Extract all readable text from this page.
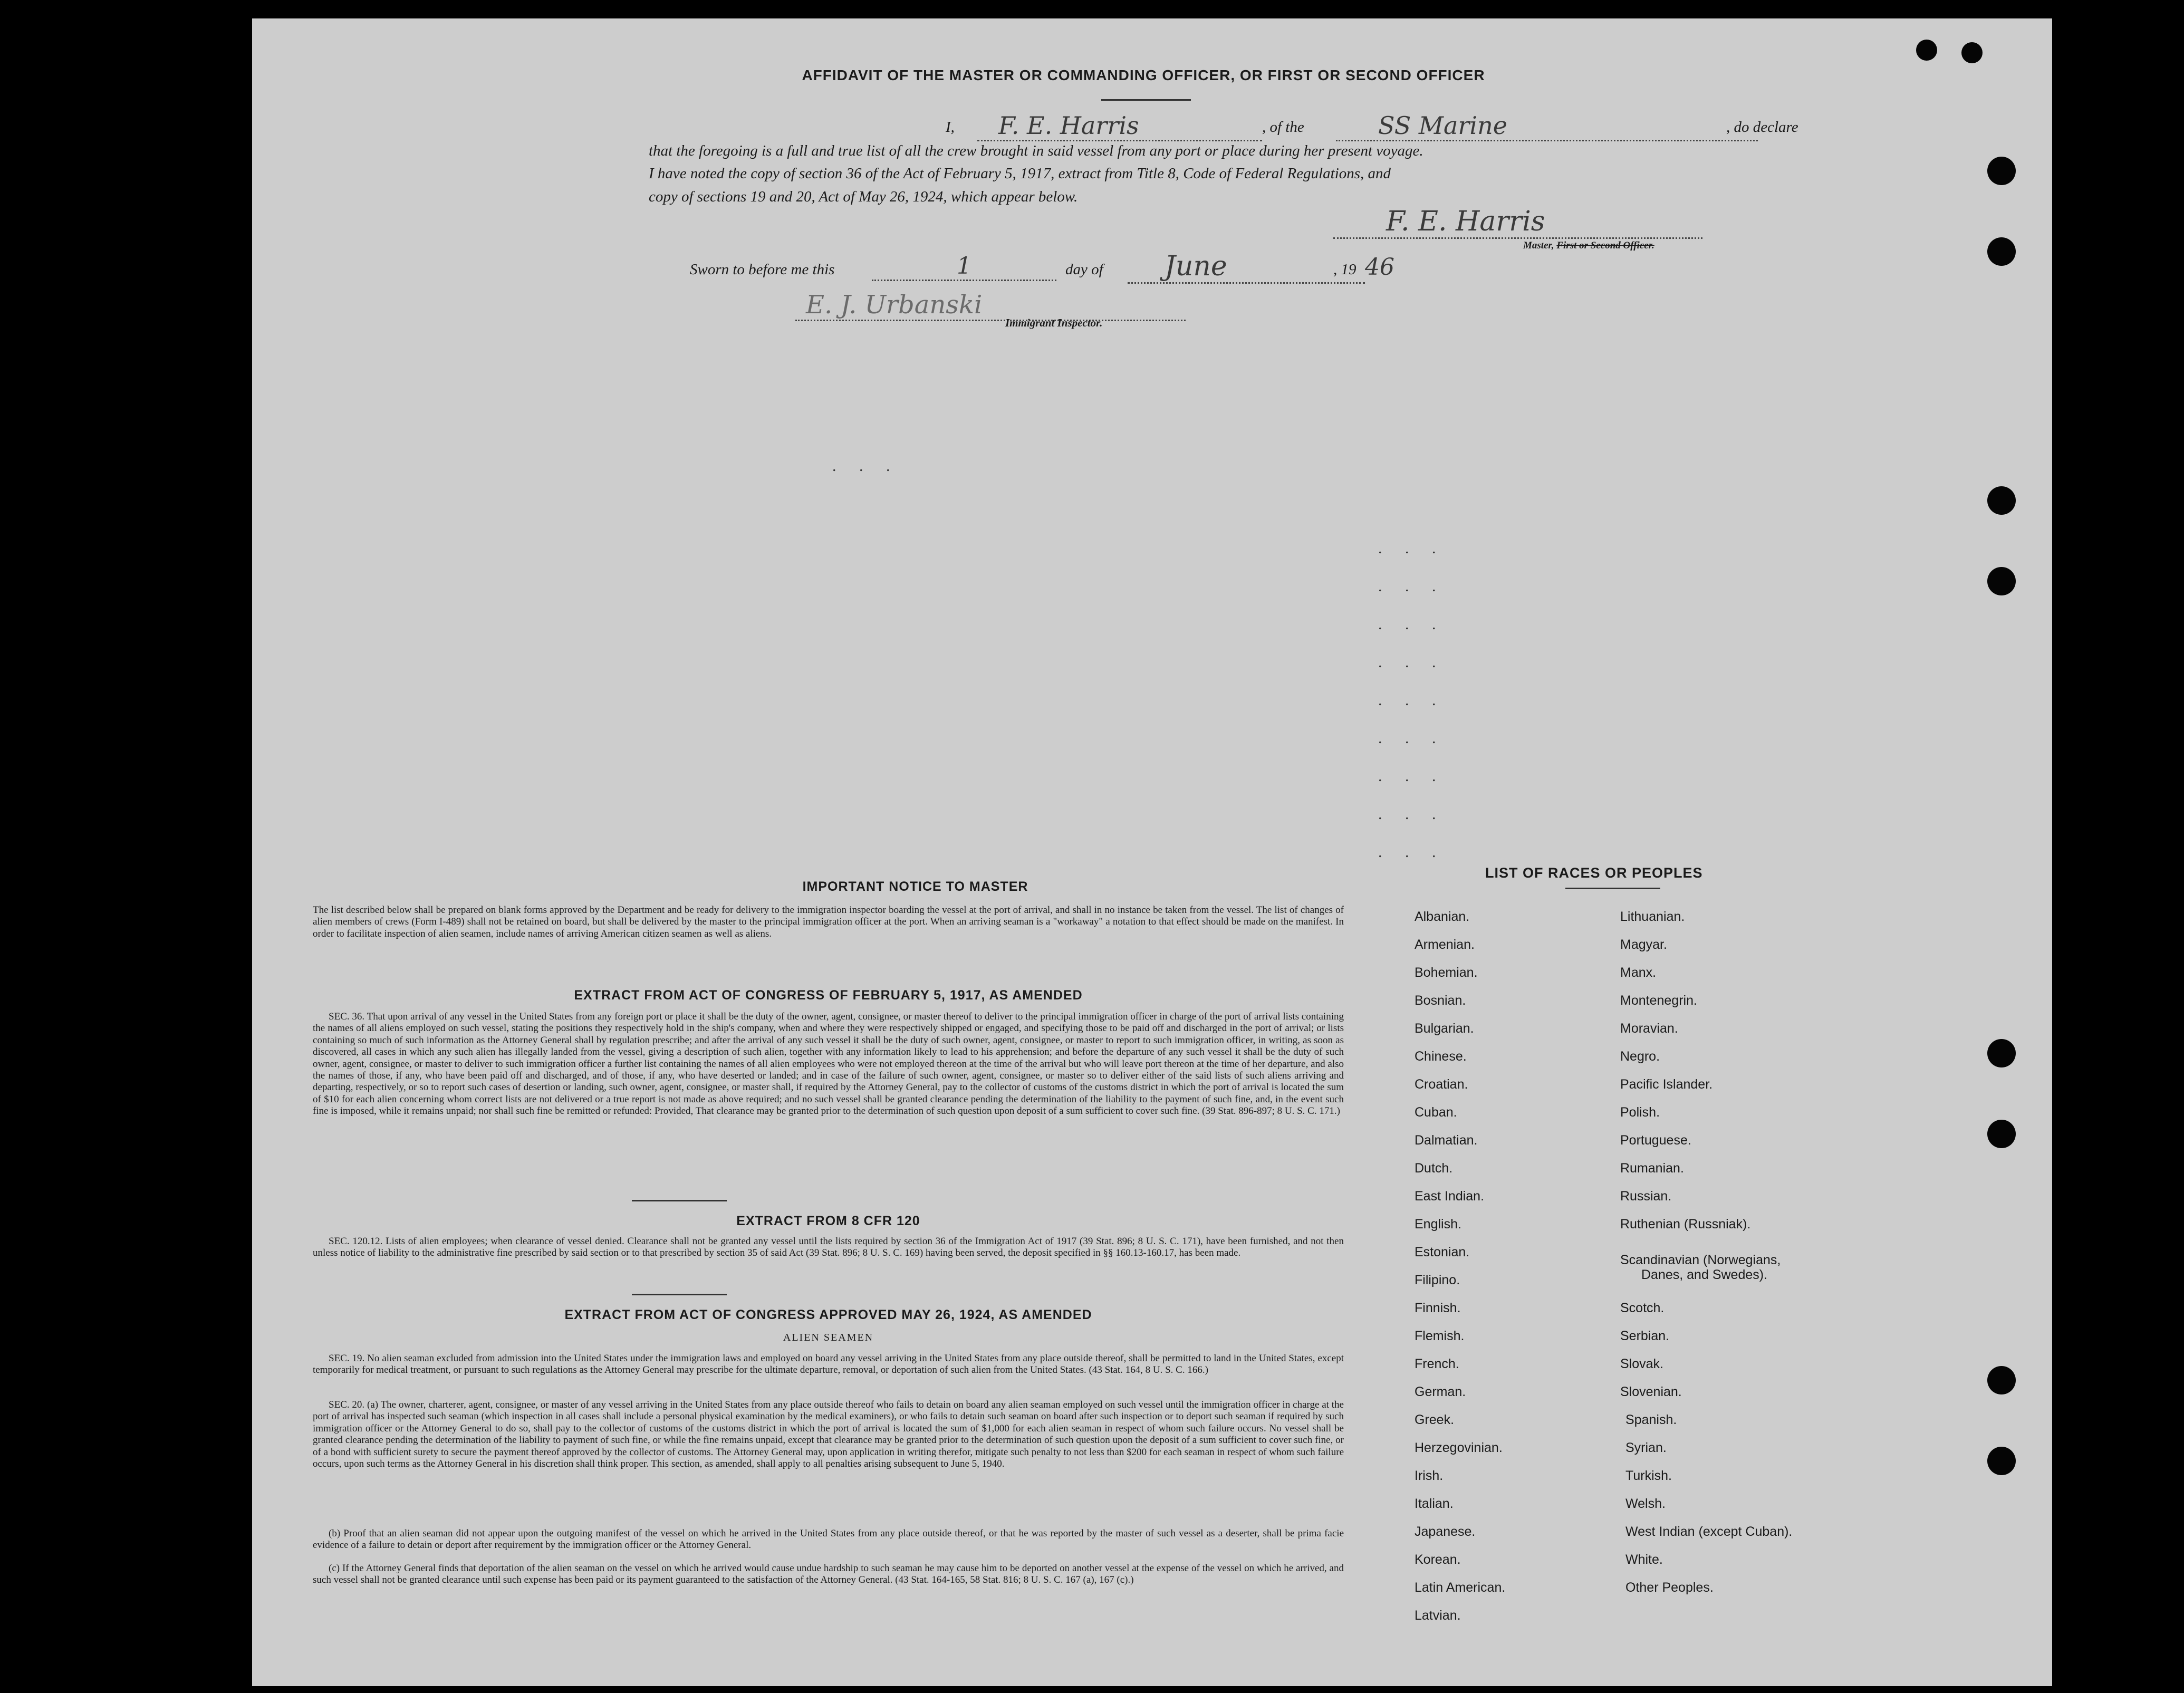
AFFIDAVIT OF THE MASTER OR COMMANDING OFFICER, OR FIRST OR SECOND OFFICER
I,	F. E. Harris	, of the	SS Marine	, do declare
that the foregoing is a full and true list of all the crew brought in said vessel from any port or place during her present voyage.
I have noted the copy of section 36 of the Act of February 5, 1917, extract from Title 8, Code of Federal Regulations, and
copy of sections 19 and 20, Act of May 26, 1924, which appear below.
F. E. Harris
Master, First or Second Officer.
Sworn to before me this	1	day of	June	, 19 46
E. J. Urbanski
Immigrant Inspector.
. . .
. . .
. . .
. . .
. . .
. . .
. . .
. . .
. . .
. . .
IMPORTANT NOTICE TO MASTER
The list described below shall be prepared on blank forms approved by the Department and be ready for delivery to the immigration inspector boarding the vessel at the port of arrival, and shall in no instance be taken from the vessel. The list of changes of alien members of crews (Form I-489) shall not be retained on board, but shall be delivered by the master to the principal immigration officer at the port. When an arriving seaman is a "workaway" a notation to that effect should be made on the manifest. In order to facilitate inspection of alien seamen, include names of arriving American citizen seamen as well as aliens.
EXTRACT FROM ACT OF CONGRESS OF FEBRUARY 5, 1917, AS AMENDED
SEC. 36. That upon arrival of any vessel in the United States from any foreign port or place it shall be the duty of the owner, agent, consignee, or master thereof to deliver to the principal immigration officer in charge of the port of arrival lists containing the names of all aliens employed on such vessel, stating the positions they respectively hold in the ship's company, when and where they were respectively shipped or engaged, and specifying those to be paid off and discharged in the port of arrival; or lists containing so much of such information as the Attorney General shall by regulation prescribe; and after the arrival of any such vessel it shall be the duty of such owner, agent, consignee, or master to report to such immigration officer, in writing, as soon as discovered, all cases in which any such alien has illegally landed from the vessel, giving a description of such alien, together with any information likely to lead to his apprehension; and before the departure of any such vessel it shall be the duty of such owner, agent, consignee, or master to deliver to such immigration officer a further list containing the names of all alien employees who were not employed thereon at the time of the arrival but who will leave port thereon at the time of her departure, and also the names of those, if any, who have been paid off and discharged, and of those, if any, who have deserted or landed; and in case of the failure of such owner, agent, consignee, or master so to deliver either of the said lists of such aliens arriving and departing, respectively, or so to report such cases of desertion or landing, such owner, agent, consignee, or master shall, if required by the Attorney General, pay to the collector of customs of the customs district in which the port of arrival is located the sum of $10 for each alien concerning whom correct lists are not delivered or a true report is not made as above required; and no such vessel shall be granted clearance pending the determination of the liability to the payment of such fine, and, in the event such fine is imposed, while it remains unpaid; nor shall such fine be remitted or refunded: Provided, That clearance may be granted prior to the determination of such question upon deposit of a sum sufficient to cover such fine. (39 Stat. 896-897; 8 U. S. C. 171.)
EXTRACT FROM 8 CFR 120
SEC. 120.12. Lists of alien employees; when clearance of vessel denied. Clearance shall not be granted any vessel until the lists required by section 36 of the Immigration Act of 1917 (39 Stat. 896; 8 U. S. C. 171), have been furnished, and not then unless notice of liability to the administrative fine prescribed by said section or to that prescribed by section 35 of said Act (39 Stat. 896; 8 U. S. C. 169) having been served, the deposit specified in §§ 160.13-160.17, has been made.
EXTRACT FROM ACT OF CONGRESS APPROVED MAY 26, 1924, AS AMENDED
ALIEN SEAMEN
SEC. 19. No alien seaman excluded from admission into the United States under the immigration laws and employed on board any vessel arriving in the United States from any place outside thereof, shall be permitted to land in the United States, except temporarily for medical treatment, or pursuant to such regulations as the Attorney General may prescribe for the ultimate departure, removal, or deportation of such alien from the United States. (43 Stat. 164, 8 U. S. C. 166.)
SEC. 20. (a) The owner, charterer, agent, consignee, or master of any vessel arriving in the United States from any place outside thereof who fails to detain on board any alien seaman employed on such vessel until the immigration officer in charge at the port of arrival has inspected such seaman (which inspection in all cases shall include a personal physical examination by the medical examiners), or who fails to detain such seaman on board after such inspection or to deport such seaman if required by such immigration officer or the Attorney General to do so, shall pay to the collector of customs of the customs district in which the port of arrival is located the sum of $1,000 for each alien seaman in respect of whom such failure occurs. No vessel shall be granted clearance pending the determination of the liability to payment of such fine, or while the fine remains unpaid, except that clearance may be granted prior to the determination of such question upon the deposit of a sum sufficient to cover such fine, or of a bond with sufficient surety to secure the payment thereof approved by the collector of customs. The Attorney General may, upon application in writing therefor, mitigate such penalty to not less than $200 for each seaman in respect of whom such failure occurs, upon such terms as the Attorney General in his discretion shall think proper. This section, as amended, shall apply to all penalties arising subsequent to June 5, 1940.
(b) Proof that an alien seaman did not appear upon the outgoing manifest of the vessel on which he arrived in the United States from any place outside thereof, or that he was reported by the master of such vessel as a deserter, shall be prima facie evidence of a failure to detain or deport after requirement by the immigration officer or the Attorney General.
(c) If the Attorney General finds that deportation of the alien seaman on the vessel on which he arrived would cause undue hardship to such seaman he may cause him to be deported on another vessel at the expense of the vessel on which he arrived, and such vessel shall not be granted clearance until such expense has been paid or its payment guaranteed to the satisfaction of the Attorney General. (43 Stat. 164-165, 58 Stat. 816; 8 U. S. C. 167 (a), 167 (c).)
LIST OF RACES OR PEOPLES
Albanian.
Armenian.
Bohemian.
Bosnian.
Bulgarian.
Chinese.
Croatian.
Cuban.
Dalmatian.
Dutch.
East Indian.
English.
Estonian.
Filipino.
Finnish.
Flemish.
French.
German.
Greek.
Herzegovinian.
Irish.
Italian.
Japanese.
Korean.
Latin American.
Latvian.
Lithuanian.
Magyar.
Manx.
Montenegrin.
Moravian.
Negro.
Pacific Islander.
Polish.
Portuguese.
Rumanian.
Russian.
Ruthenian (Russniak).
Scandinavian (Norwegians,
Danes, and Swedes).
Scotch.
Serbian.
Slovak.
Slovenian.
Spanish.
Syrian.
Turkish.
Welsh.
West Indian (except Cuban).
White.
Other Peoples.
